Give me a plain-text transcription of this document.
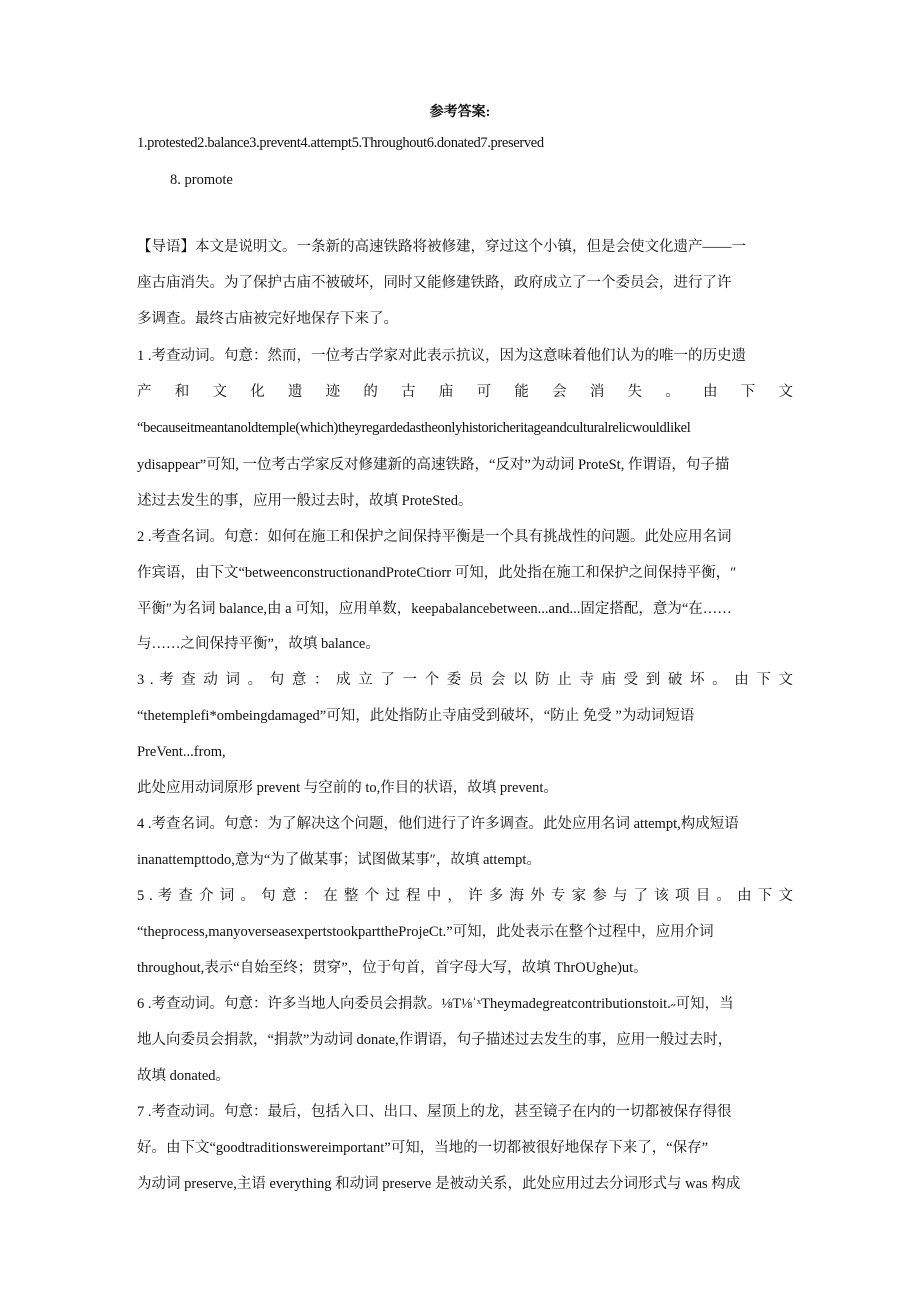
参考答案:
1.protested2.balance3.prevent4.attempt5.Throughout6.donated7.preserved
8. promote
【导语】本文是说明文。一条新的高速铁路将被修建，穿过这个小镇，但是会使文化遗产——一
座古庙消失。为了保护古庙不被破坏，同时又能修建铁路，政府成立了一个委员会，进行了许
多调查。最终古庙被完好地保存下来了。
1 .考查动词。句意：然而，一位考古学家对此表示抗议，因为这意味着他们认为的唯一的历史遗
产 和 文 化 遗 迹 的 古 庙 可 能 会 消 失 。 由 下 文
“becauseitmeantanoldtemple(which)theyregardedastheonlyhistoricheritageandculturalrelicwouldlikel
ydisappear”可知, 一位考古学家反对修建新的高速铁路，“反对”为动词 ProteSt, 作谓语，句子描
述过去发生的事，应用一般过去时，故填 ProteSted。
2 .考查名词。句意：如何在施工和保护之间保持平衡是一个具有挑战性的问题。此处应用名词
作宾语，由下文“betweenconstructionandProteCtiorr 可知，此处指在施工和保护之间保持平衡，″
平衡″为名词 balance,由 a 可知，应用单数，keepabalancebetween...and...固定搭配，意为“在……
与……之间保持平衡”，故填 balance。
3 . 考 查 动 词 。 句 意 ： 成 立 了 一 个 委 员 会 以 防 止 寺 庙 受 到 破 坏 。 由 下 文
“thetemplefi*ombeingdamaged”可知，此处指防止寺庙受到破坏，“防止 免受 ”为动词短语
PreVent...from,
此处应用动词原形 prevent 与空前的 to,作目的状语，故填 prevent。
4 .考查名词。句意：为了解决这个问题，他们进行了许多调查。此处应用名词 attempt,构成短语
inanattempttodo,意为“为了做某事；试图做某事″，故填 attempt。
5 . 考 查 介 词 。 句 意 ： 在 整 个 过 程 中 ， 许 多 海 外 专 家 参 与 了 该 项 目 。 由 下 文
“theprocess,manyoverseasexpertstookparttheProjeCt.”可知，此处表示在整个过程中，应用介词
throughout,表示“自始至终；贯穿”，位于句首，首字母大写，故填 ThrOUghe)ut。
6 .考查动词。句意：许多当地人向委员会捐款。⅛T⅛ˈˣTheymadegreatcontributionstoit.˶可知，当
地人向委员会捐款，“捐款”为动词 donate,作谓语，句子描述过去发生的事，应用一般过去时，
故填 donated。
7 .考查动词。句意：最后，包括入口、出口、屋顶上的龙，甚至镜子在内的一切都被保存得很
好。由下文“goodtraditionswereimportant”可知，当地的一切都被很好地保存下来了，“保存”
为动词 preserve,主语 everything 和动词 preserve 是被动关系，此处应用过去分词形式与 was 构成
